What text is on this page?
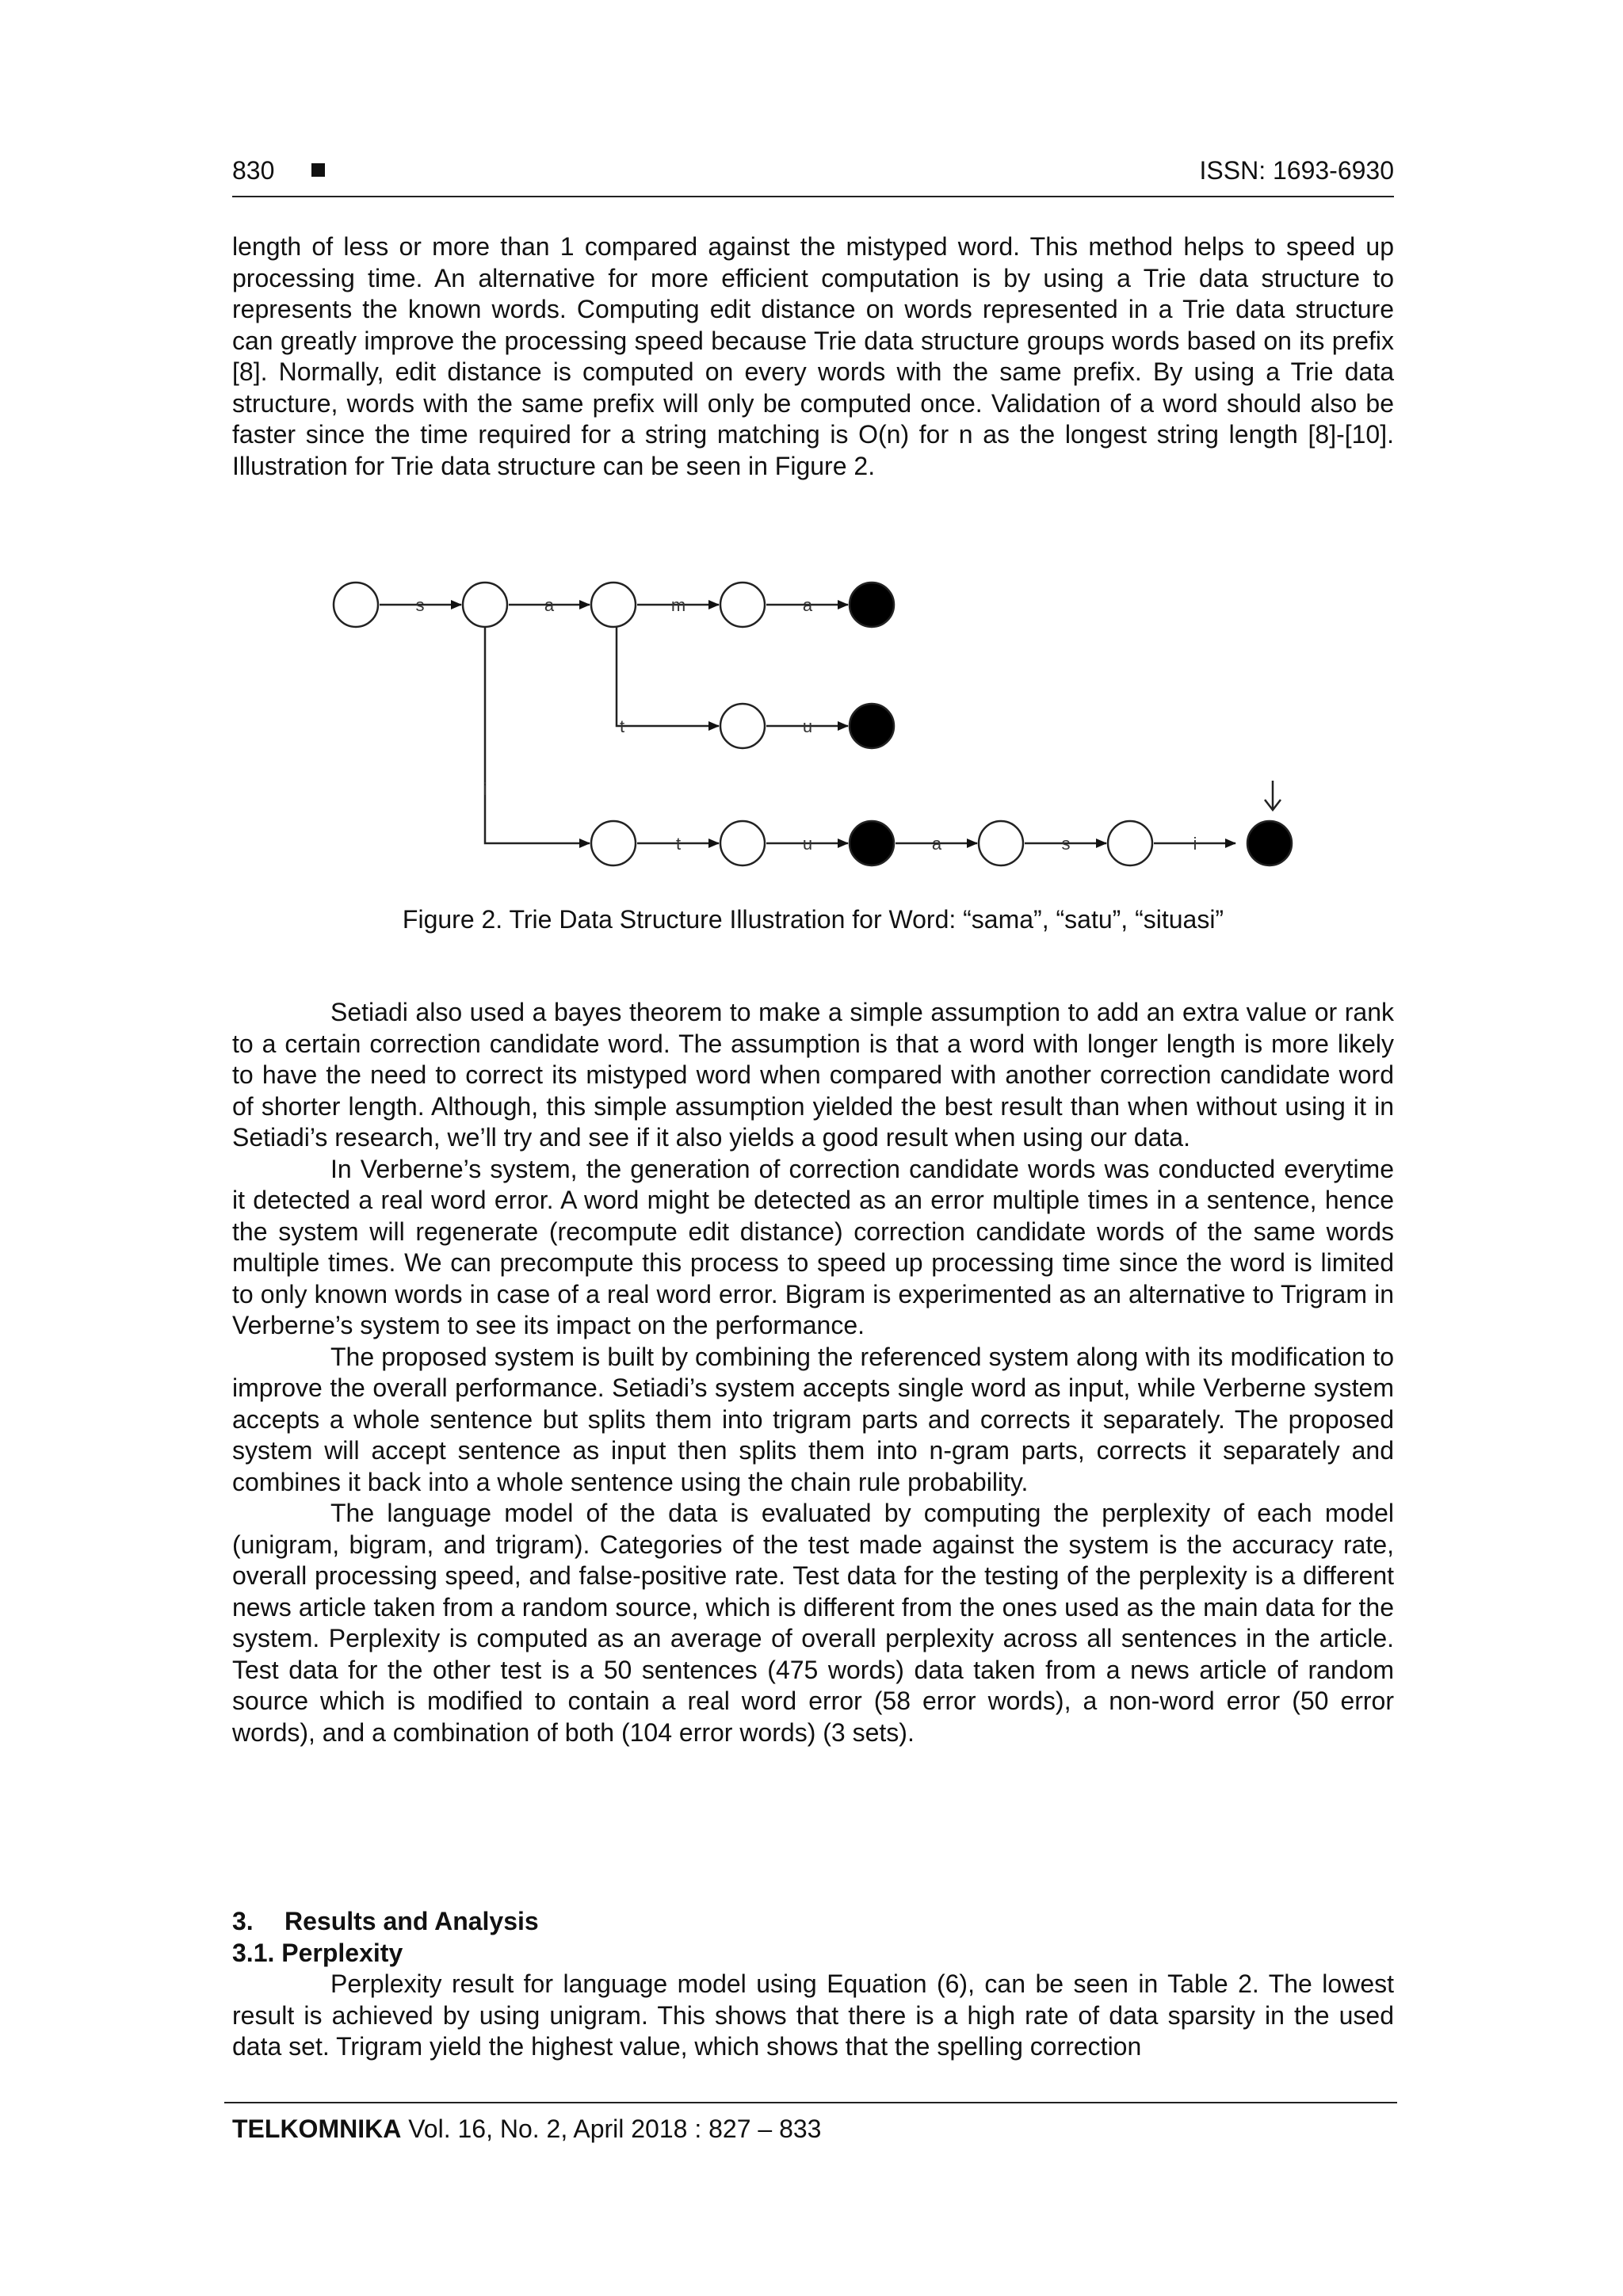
830	ISSN: 1693-6930

length of less or more than 1 compared against the mistyped word. This method helps to speed up processing time. An alternative for more efficient computation is by using a Trie data structure to represents the known words. Computing edit distance on words represented in a Trie data structure can greatly improve the processing speed because Trie data structure groups words based on its prefix [8]. Normally, edit distance is computed on every words with the same prefix. By using a Trie data structure, words with the same prefix will only be computed once. Validation of a word should also be faster since the time required for a string matching is O(n) for n as the longest string length [8]-[10]. Illustration for Trie data structure can be seen in Figure 2.

s	a	m	a
t	u
i
t	u	a	s	i
Figure 2. Trie Data Structure Illustration for Word: “sama”, “satu”, “situasi”

Setiadi also used a bayes theorem to make a simple assumption to add an extra value or rank to a certain correction candidate word. The assumption is that a word with longer length is more likely to have the need to correct its mistyped word when compared with another correction candidate word of shorter length. Although, this simple assumption yielded the best result than when without using it in Setiadi’s research, we’ll try and see if it also yields a good result when using our data.

In Verberne’s system, the generation of correction candidate words was conducted everytime it detected a real word error. A word might be detected as an error multiple times in a sentence, hence the system will regenerate (recompute edit distance) correction candidate words of the same words multiple times. We can precompute this process to speed up processing time since the word is limited to only known words in case of a real word error. Bigram is experimented as an alternative to Trigram in Verberne’s system to see its impact on the performance.

The proposed system is built by combining the referenced system along with its modification to improve the overall performance. Setiadi’s system accepts single word as input, while Verberne system accepts a whole sentence but splits them into trigram parts and corrects it separately. The proposed system will accept sentence as input then splits them into n-gram parts, corrects it separately and combines it back into a whole sentence using the chain rule probability.

The language model of the data is evaluated by computing the perplexity of each model (unigram, bigram, and trigram). Categories of the test made against the system is the accuracy rate, overall processing speed, and false-positive rate. Test data for the testing of the perplexity is a different news article taken from a random source, which is different from the ones used as the main data for the system. Perplexity is computed as an average of overall perplexity across all sentences in the article. Test data for the other test is a 50 sentences (475 words) data taken from a news article of random source which is modified to contain a real word error (58 error words), a non-word error (50 error words), and a combination of both (104 error words) (3 sets).

3. Results and Analysis
3.1. Perplexity

Perplexity result for language model using Equation (6), can be seen in Table 2. The lowest result is achieved by using unigram. This shows that there is a high rate of data sparsity in the used data set. Trigram yield the highest value, which shows that the spelling correction

TELKOMNIKA Vol. 16, No. 2, April 2018 : 827 – 833
